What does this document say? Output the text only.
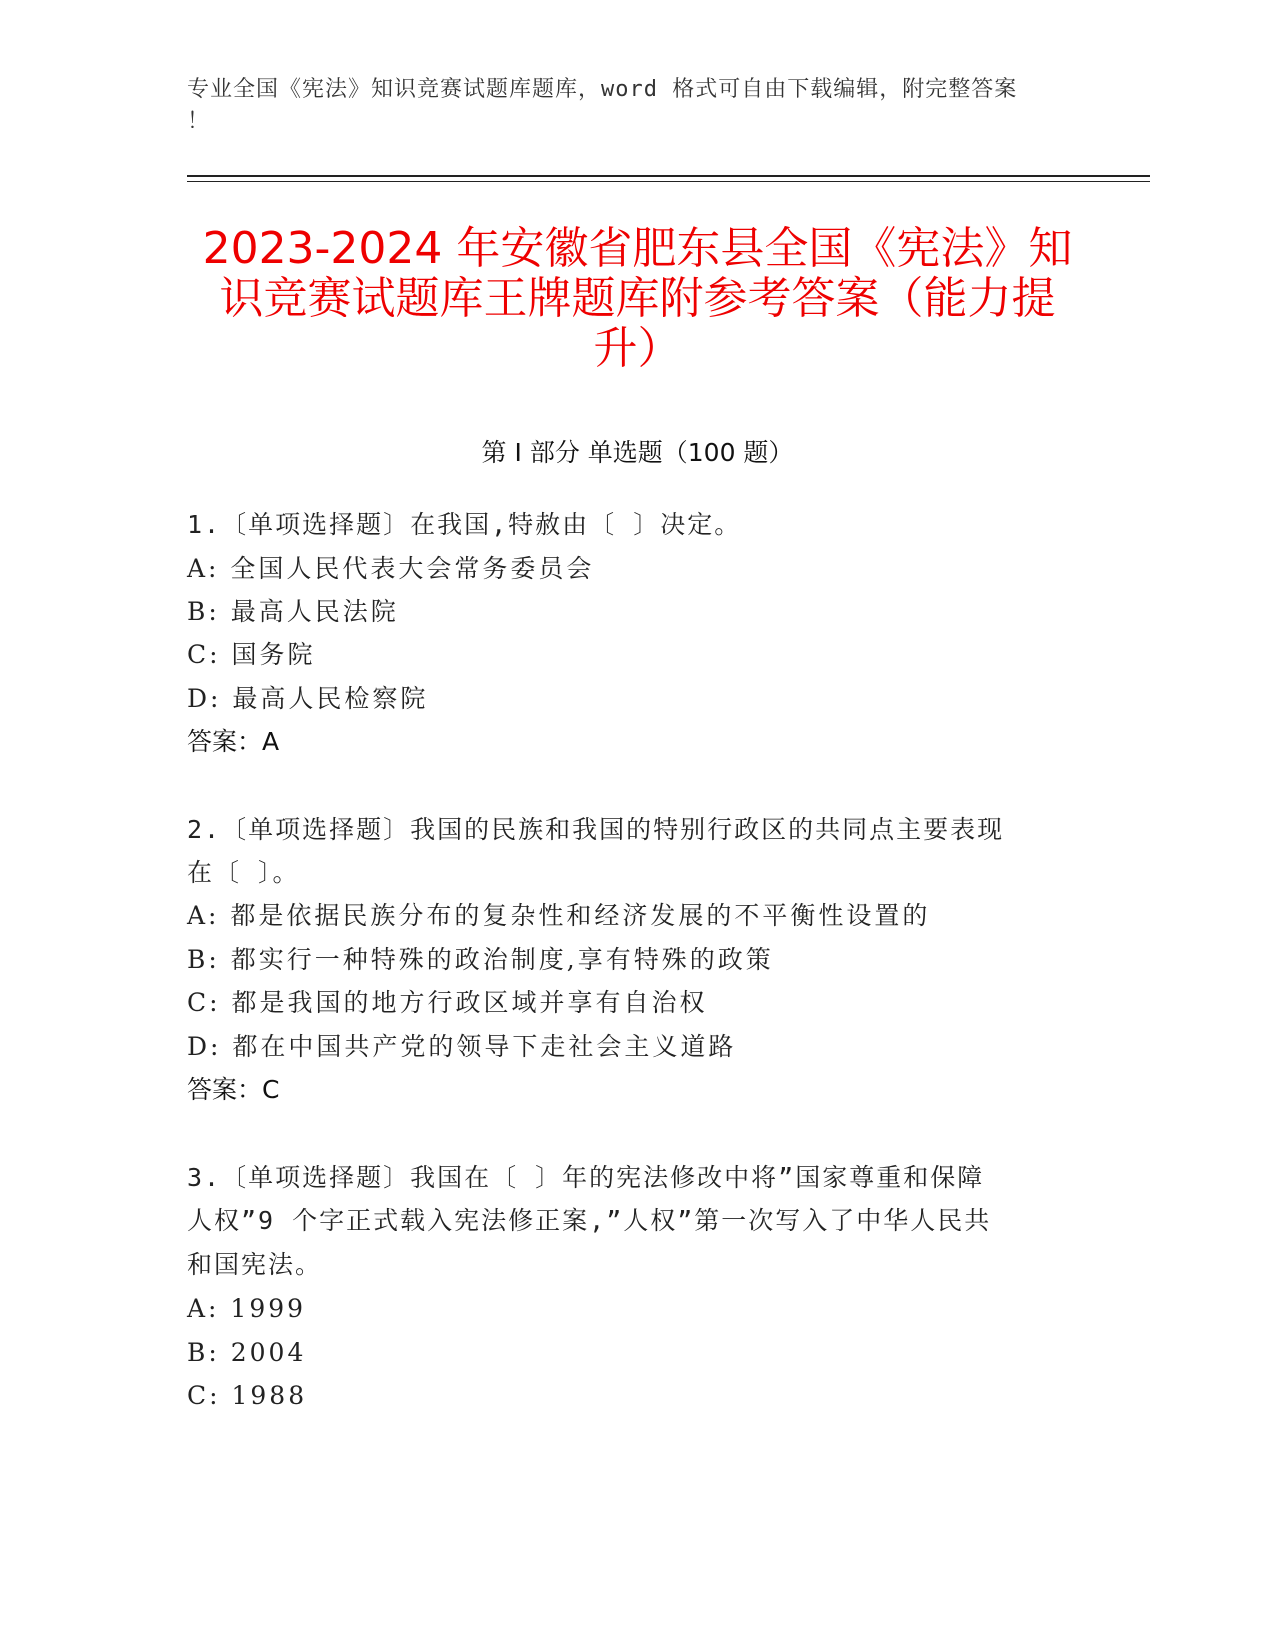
专业全国《宪法》知识竞赛试题库题库，word 格式可自由下载编辑，附完整答案
！
2023-2024 年安徽省肥东县全国《宪法》知
识竞赛试题库王牌题库附参考答案（能力提
升）
第 I 部分 单选题（100 题）
1.〔单项选择题〕在我国,特赦由〔 〕决定。
A: 全国人民代表大会常务委员会
B: 最高人民法院
C: 国务院
D: 最高人民检察院
答案：A
2.〔单项选择题〕我国的民族和我国的特别行政区的共同点主要表现
在〔 〕。
A: 都是依据民族分布的复杂性和经济发展的不平衡性设置的
B: 都实行一种特殊的政治制度,享有特殊的政策
C: 都是我国的地方行政区域并享有自治权
D: 都在中国共产党的领导下走社会主义道路
答案：C
3.〔单项选择题〕我国在〔 〕年的宪法修改中将”国家尊重和保障
人权”9 个字正式载入宪法修正案,”人权”第一次写入了中华人民共
和国宪法。
A: 1999
B: 2004
C: 1988
